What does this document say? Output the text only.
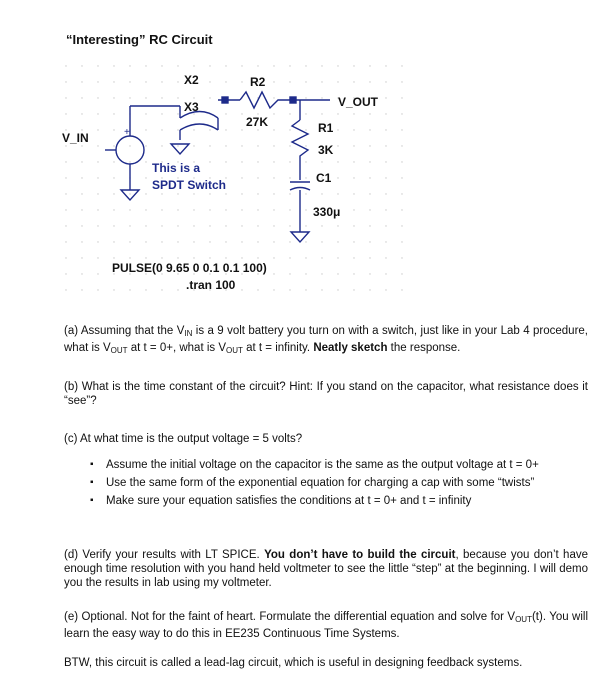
“Interesting” RC Circuit
V_IN	+
X2
X3
R2
27K
V_OUT
R1
3K
C1
330μ
This is a
SPDT Switch
PULSE(0 9.65 0 0.1 0.1 100)
.tran 100
(a) Assuming that the $V_{IN}$ is a 9 volt battery you turn on with a switch, just like in your Lab 4 procedure, what is $V_{OUT}$ at t = 0+, what is $V_{OUT}$ at t = infinity. Neatly sketch the response.
(b) What is the time constant of the circuit? Hint: If you stand on the capacitor, what resistance does it “see”?
(c) At what time is the output voltage = 5 volts?
▪ Assume the initial voltage on the capacitor is the same as the output voltage at t = 0+
▪ Use the same form of the exponential equation for charging a cap with some “twists”
▪ Make sure your equation satisfies the conditions at t = 0+ and t = infinity
(d) Verify your results with LT SPICE. You don’t have to build the circuit, because you don’t have enough time resolution with you hand held voltmeter to see the little “step” at the beginning. I will demo you the results in lab using my voltmeter.
(e) Optional. Not for the faint of heart. Formulate the differential equation and solve for $V_{OUT}(t)$. You will learn the easy way to do this in EE235 Continuous Time Systems.
BTW, this circuit is called a lead-lag circuit, which is useful in designing feedback systems.
